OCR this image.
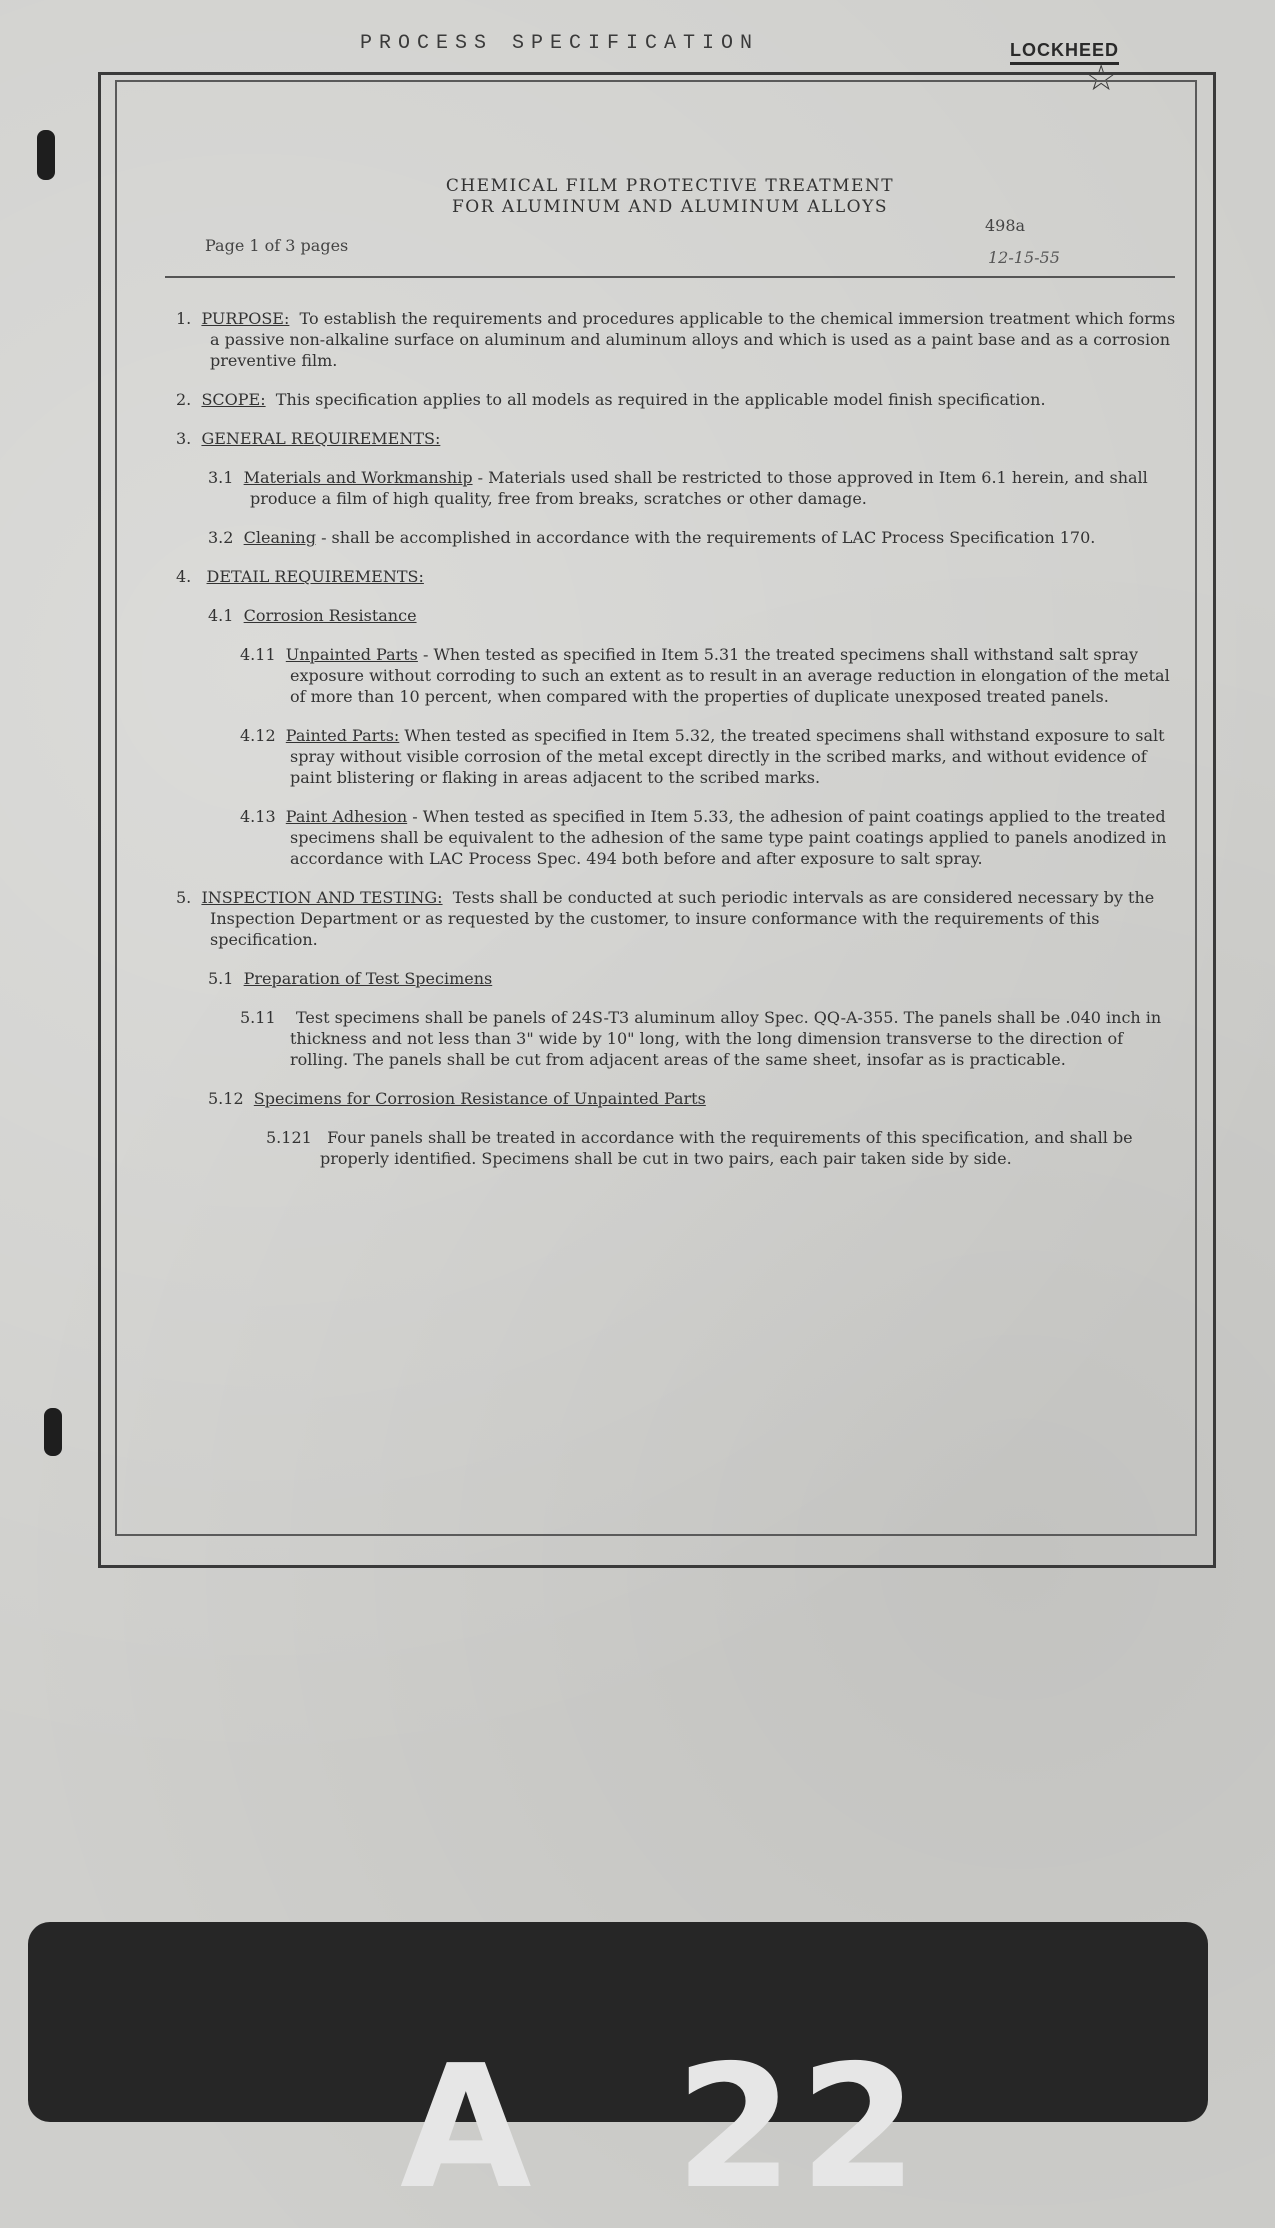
PROCESS SPECIFICATION	LOCKHEED
☆
CHEMICAL FILM PROTECTIVE TREATMENT
FOR ALUMINUM AND ALUMINUM ALLOYS
Page 1 of 3 pages
498a
12-15-55
1. PURPOSE: To establish the requirements and procedures applicable to the chemical immersion treatment which forms a passive non-alkaline surface on aluminum and aluminum alloys and which is used as a paint base and as a corrosion preventive film.
2. SCOPE: This specification applies to all models as required in the applicable model finish specification.
3. GENERAL REQUIREMENTS:
3.1 Materials and Workmanship - Materials used shall be restricted to those approved in Item 6.1 herein, and shall produce a film of high quality, free from breaks, scratches or other damage.
3.2 Cleaning - shall be accomplished in accordance with the requirements of LAC Process Specification 170.
4. DETAIL REQUIREMENTS:
4.1 Corrosion Resistance
4.11 Unpainted Parts - When tested as specified in Item 5.31 the treated specimens shall withstand salt spray exposure without corroding to such an extent as to result in an average reduction in elongation of the metal of more than 10 percent, when compared with the properties of duplicate unexposed treated panels.
4.12 Painted Parts: When tested as specified in Item 5.32, the treated specimens shall withstand exposure to salt spray without visible corrosion of the metal except directly in the scribed marks, and without evidence of paint blistering or flaking in areas adjacent to the scribed marks.
4.13 Paint Adhesion - When tested as specified in Item 5.33, the adhesion of paint coatings applied to the treated specimens shall be equivalent to the adhesion of the same type paint coatings applied to panels anodized in accordance with LAC Process Spec. 494 both before and after exposure to salt spray.
5. INSPECTION AND TESTING: Tests shall be conducted at such periodic intervals as are considered necessary by the Inspection Department or as requested by the customer, to insure conformance with the requirements of this specification.
5.1 Preparation of Test Specimens
5.11 Test specimens shall be panels of 24S-T3 aluminum alloy Spec. QQ-A-355. The panels shall be .040 inch in thickness and not less than 3" wide by 10" long, with the long dimension transverse to the direction of rolling. The panels shall be cut from adjacent areas of the same sheet, insofar as is practicable.
5.12 Specimens for Corrosion Resistance of Unpainted Parts
5.121 Four panels shall be treated in accordance with the requirements of this specification, and shall be properly identified. Specimens shall be cut in two pairs, each pair taken side by side.
A 22
